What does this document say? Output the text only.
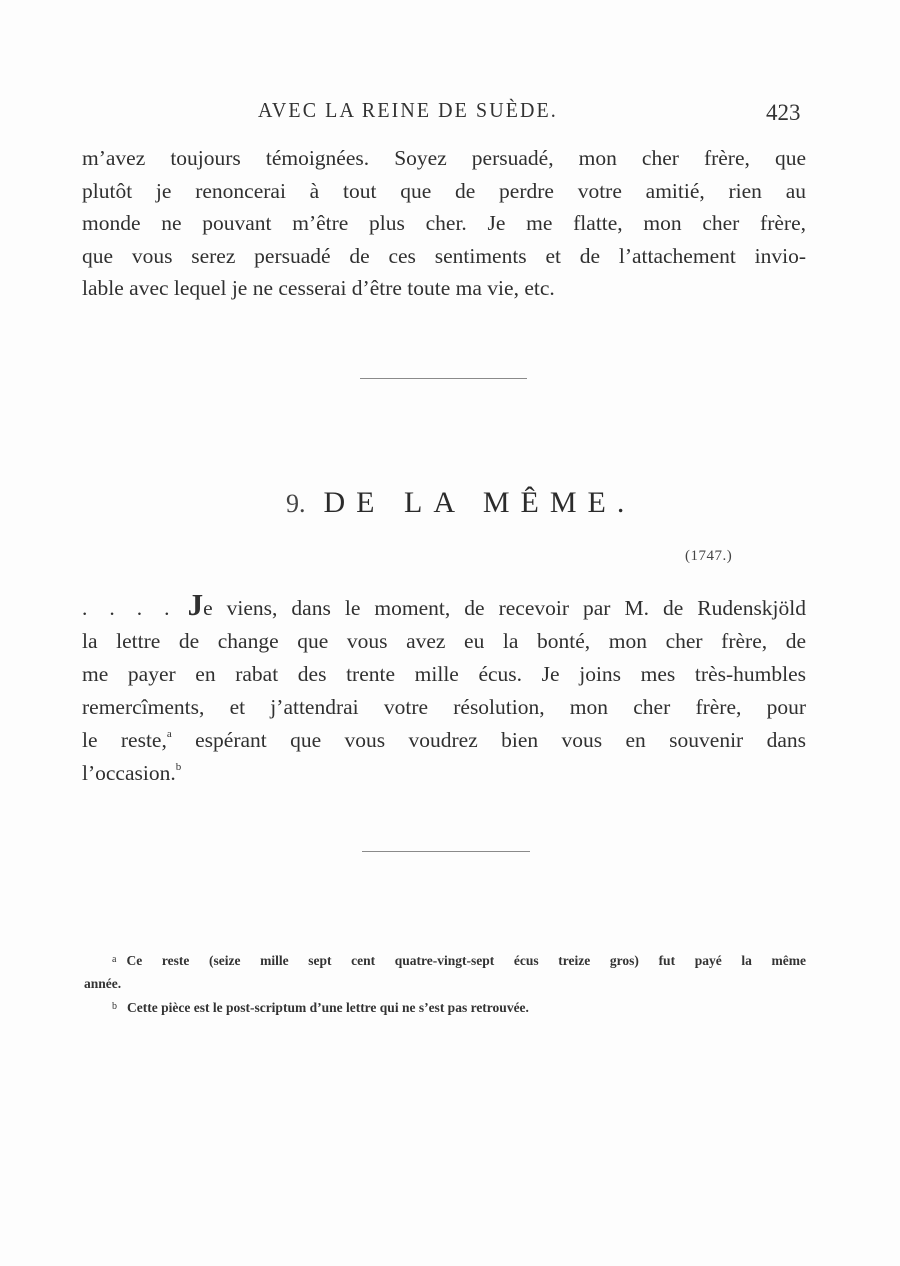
AVEC LA REINE DE SUÈDE.	423
m’avez toujours témoignées. Soyez persuadé, mon cher frère, que
plutôt je renoncerai à tout que de perdre votre amitié, rien au
monde ne pouvant m’être plus cher. Je me flatte, mon cher frère,
que vous serez persuadé de ces sentiments et de l’attachement invio-
lable avec lequel je ne cesserai d’être toute ma vie, etc.
9. DE LA MÊME.
(1747.)
. . . . Je viens, dans le moment, de recevoir par M. de Rudenskjöld
la lettre de change que vous avez eu la bonté, mon cher frère, de
me payer en rabat des trente mille écus. Je joins mes très-humbles
remercîments, et j’attendrai votre résolution, mon cher frère, pour
le reste,$^a$ espérant que vous voudrez bien vous en souvenir dans
l’occasion.$^b$
$^a$ Ce reste (seize mille sept cent quatre-vingt-sept écus treize gros) fut payé la même
année.
$^b$ Cette pièce est le post-scriptum d’une lettre qui ne s’est pas retrouvée.
